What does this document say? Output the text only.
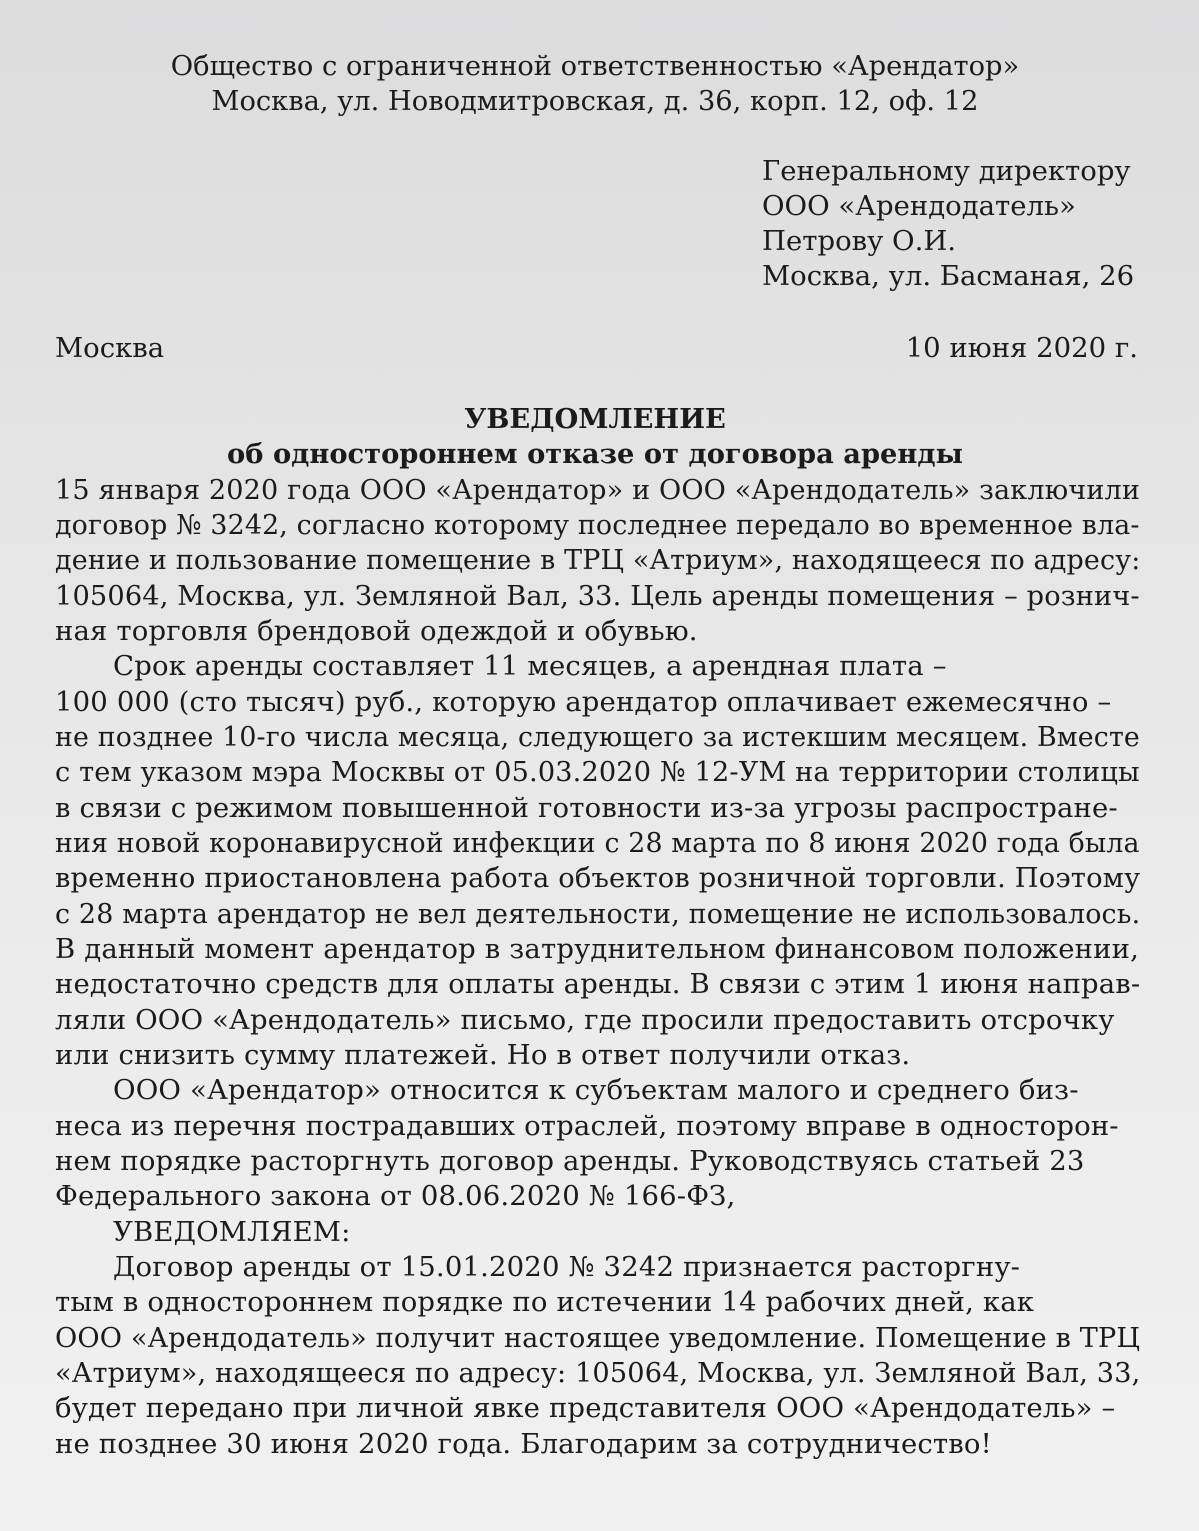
Общество с ограниченной ответственностью «Арендатор»
Москва, ул. Новодмитровская, д. 36, корп. 12, оф. 12
Генеральному директору
ООО «Арендодатель»
Петрову О.И.
Москва, ул. Басманая, 26
Москва	10 июня 2020 г.
УВЕДОМЛЕНИЕ
об одностороннем отказе от договора аренды
15 января 2020 года ООО «Арендатор» и ООО «Арендодатель» заключили
договор № 3242, согласно которому последнее передало во временное вла-
дение и пользование помещение в ТРЦ «Атриум», находящееся по адресу:
105064, Москва, ул. Земляной Вал, 33. Цель аренды помещения – рознич-
ная торговля брендовой одеждой и обувью.
Срок аренды составляет 11 месяцев, а арендная плата –
100 000 (сто тысяч) руб., которую арендатор оплачивает ежемесячно –
не позднее 10-го числа месяца, следующего за истекшим месяцем. Вместе
с тем указом мэра Москвы от 05.03.2020 № 12-УМ на территории столицы
в связи с режимом повышенной готовности из-за угрозы распростране-
ния новой коронавирусной инфекции с 28 марта по 8 июня 2020 года была
временно приостановлена работа объектов розничной торговли. Поэтому
с 28 марта арендатор не вел деятельности, помещение не использовалось.
В данный момент арендатор в затруднительном финансовом положении,
недостаточно средств для оплаты аренды. В связи с этим 1 июня направ-
ляли ООО «Арендодатель» письмо, где просили предоставить отсрочку
или снизить сумму платежей. Но в ответ получили отказ.
ООО «Арендатор» относится к субъектам малого и среднего биз-
неса из перечня пострадавших отраслей, поэтому вправе в односторон-
нем порядке расторгнуть договор аренды. Руководствуясь статьей 23
Федерального закона от 08.06.2020 № 166-ФЗ,
УВЕДОМЛЯЕМ:
Договор аренды от 15.01.2020 № 3242 признается расторгну-
тым в одностороннем порядке по истечении 14 рабочих дней, как
ООО «Арендодатель» получит настоящее уведомление. Помещение в ТРЦ
«Атриум», находящееся по адресу: 105064, Москва, ул. Земляной Вал, 33,
будет передано при личной явке представителя ООО «Арендодатель» –
не позднее 30 июня 2020 года. Благодарим за сотрудничество!
